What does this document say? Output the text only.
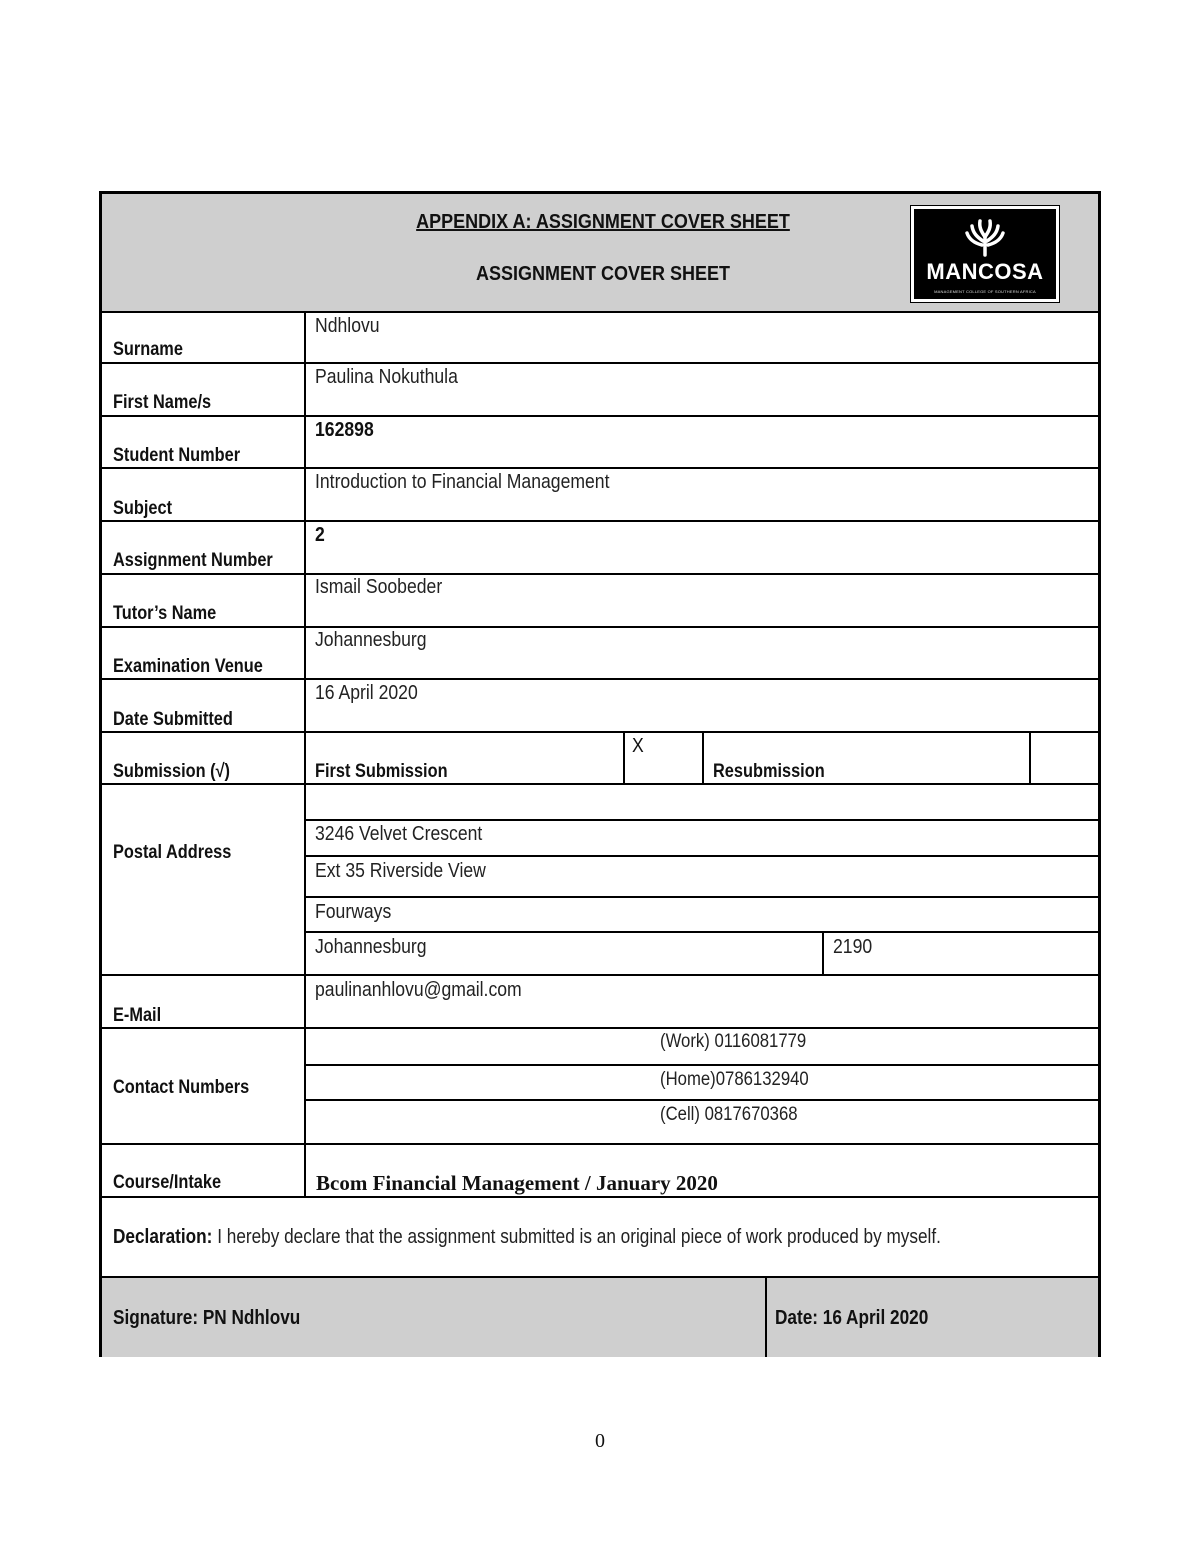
APPENDIX A: ASSIGNMENT COVER SHEET
ASSIGNMENT COVER SHEET
Surname
First Name/s
Student Number
Subject
Assignment Number
Tutor’s Name
Examination Venue
Date Submitted
Submission (√)
Postal Address
E-Mail
Contact Numbers
Course/Intake
Ndhlovu
Paulina Nokuthula
162898
Introduction to Financial Management
2
Ismail Soobeder
Johannesburg
16 April 2020
First Submission
X
Resubmission
3246 Velvet Crescent
Ext 35 Riverside View
Fourways
Johannesburg	2190
paulinanhlovu@gmail.com
(Work) 0116081779
(Home)0786132940
(Cell) 0817670368
Bcom Financial Management / January 2020
Declaration: I hereby declare that the assignment submitted is an original piece of work produced by myself.
Signature: PN Ndhlovu	Date: 16 April 2020
MANCOSA
MANAGEMENT COLLEGE OF SOUTHERN AFRICA
0
